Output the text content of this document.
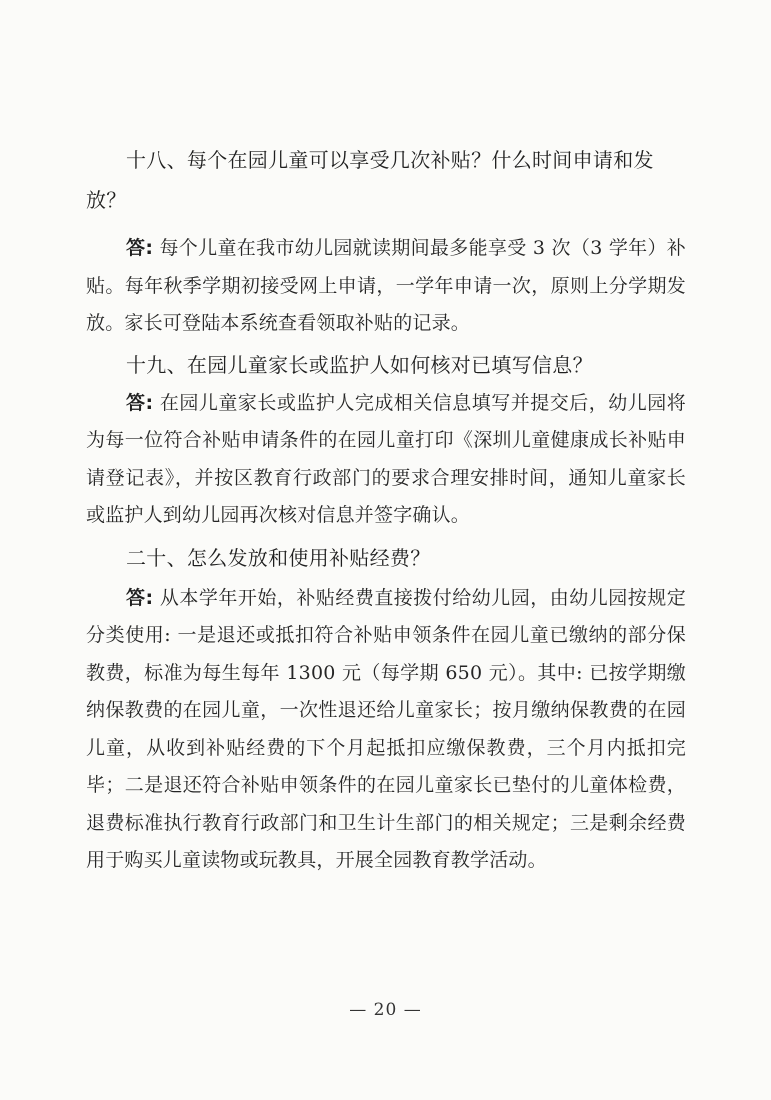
十八、每个在园儿童可以享受几次补贴？什么时间申请和发放？

答: 每个儿童在我市幼儿园就读期间最多能享受 3 次（3 学年）补贴。每年秋季学期初接受网上申请，一学年申请一次，原则上分学期发放。家长可登陆本系统查看领取补贴的记录。

十九、在园儿童家长或监护人如何核对已填写信息？

答: 在园儿童家长或监护人完成相关信息填写并提交后，幼儿园将为每一位符合补贴申请条件的在园儿童打印《深圳儿童健康成长补贴申请登记表》，并按区教育行政部门的要求合理安排时间，通知儿童家长或监护人到幼儿园再次核对信息并签字确认。

二十、怎么发放和使用补贴经费？

答: 从本学年开始，补贴经费直接拨付给幼儿园，由幼儿园按规定分类使用: 一是退还或抵扣符合补贴申领条件在园儿童已缴纳的部分保教费，标准为每生每年 1300 元（每学期 650 元）。其中: 已按学期缴纳保教费的在园儿童，一次性退还给儿童家长；按月缴纳保教费的在园儿童，从收到补贴经费的下个月起抵扣应缴保教费，三个月内抵扣完毕；二是退还符合补贴申领条件的在园儿童家长已垫付的儿童体检费，退费标准执行教育行政部门和卫生计生部门的相关规定；三是剩余经费用于购买儿童读物或玩教具，开展全园教育教学活动。

— 20 —
